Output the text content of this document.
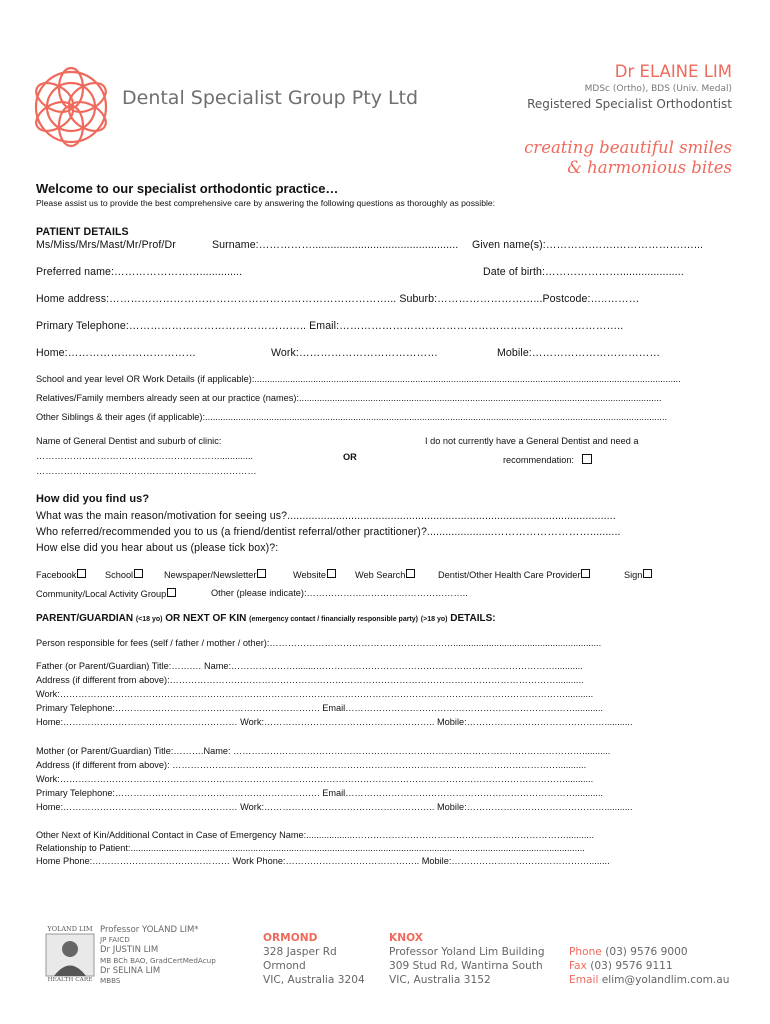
Dental Specialist Group Pty Ltd
Dr ELAINE LIM
MDSc (Ortho), BDS (Univ. Medal)
Registered Specialist Orthodontist
creating beautiful smiles
& harmonious bites
Welcome to our specialist orthodontic practice…
Please assist us to provide the best comprehensive care by answering the following questions as thoroughly as possible:
PATIENT DETAILS
Ms/Miss/Mrs/Mast/Mr/Prof/Dr	Surname:……………................................................ Given name(s):………….…….……………….…...
Preferred name:……………………..............	Date of birth:………………….....................
Home address:……………………………………………………………………... Suburb:………………………...Postcode:…..………
Primary Telephone:………………………………………….. Email:……………………………………………………………………..
Home:………………………………	Work:…………………………………	Mobile:………………………………
School and year level OR Work Details (if applicable):.......................................................................................................................................................................
Relatives/Family members already seen at our practice (names):..............................................................................................................................................
Other Siblings & their ages (if applicable):.....................................................................................................................................................................................
Name of General Dentist and suburb of clinic:
…………………………………………………….............
………………………………………………………………
OR
I do not currently have a General Dentist and need a
recommendation:
How did you find us?
What was the main reason/motivation for seeing us?............................................................................................................
Who referred/recommended you to us (a friend/dentist referral/other practitioner)?......................………………………..........
How else did you hear about us (please tick box)?:
Facebook	School	Newspaper/Newsletter	Website	Web Search	Dentist/Other Health Care Provider	Sign
Community/Local Activity Group	Other (please indicate):……………………………………………..
PARENT/GUARDIAN (<18 yo) OR NEXT OF KIN (emergency contact / financially responsible party) (>18 yo) DETAILS:
Person responsible for fees (self / father / mother / other):……………………………………………………..........................................................
Father (or Parent/Guardian) Title:…….… Name:…………………........……………………………………………………………………...........
Address (if different from above):………………………………………………………………………………………………………………...........
Work:…………………………………………………………………………………………………………………………………………………...........
Primary Telephone:…………………………………………………………. Email…………………………………………………………………...........
Home:………………………………………………… Work:……………………………………………….. Mobile:………………………………………...........
Mother (or Parent/Guardian) Title:……….Name: ……………………………………………………………………………………………………...........
Address (if different from above): ………………………………………………………………………………………………………………...........
Work:…………………………………………………………………………………………………………………………………………………...........
Primary Telephone:…………………………………………………………. Email…………………………………………………………………...........
Home:………………………………………………… Work:……………………………………………….. Mobile:………………………………………...........
Other Next of Kin/Additional Contact in Case of Emergency Name:...................……………………………………………………………...........
Relationship to Patient:..................................................................................................................................................................................
Home Phone:……………………………………… Work Phone:…………………………………….. Mobile:………………………………………........
YOLAND LIM
HEALTH CARE
Professor YOLAND LIM*
JP FAICD
Dr JUSTIN LIM
MB BCh BAO, GradCertMedAcup
Dr SELINA LIM
MBBS
ORMOND
328 Jasper Rd
Ormond
VIC, Australia 3204
KNOX
Professor Yoland Lim Building
309 Stud Rd, Wantirna South
VIC, Australia 3152
Phone (03) 9576 9000
Fax (03) 9576 9111
Email elim@yolandlim.com.au
